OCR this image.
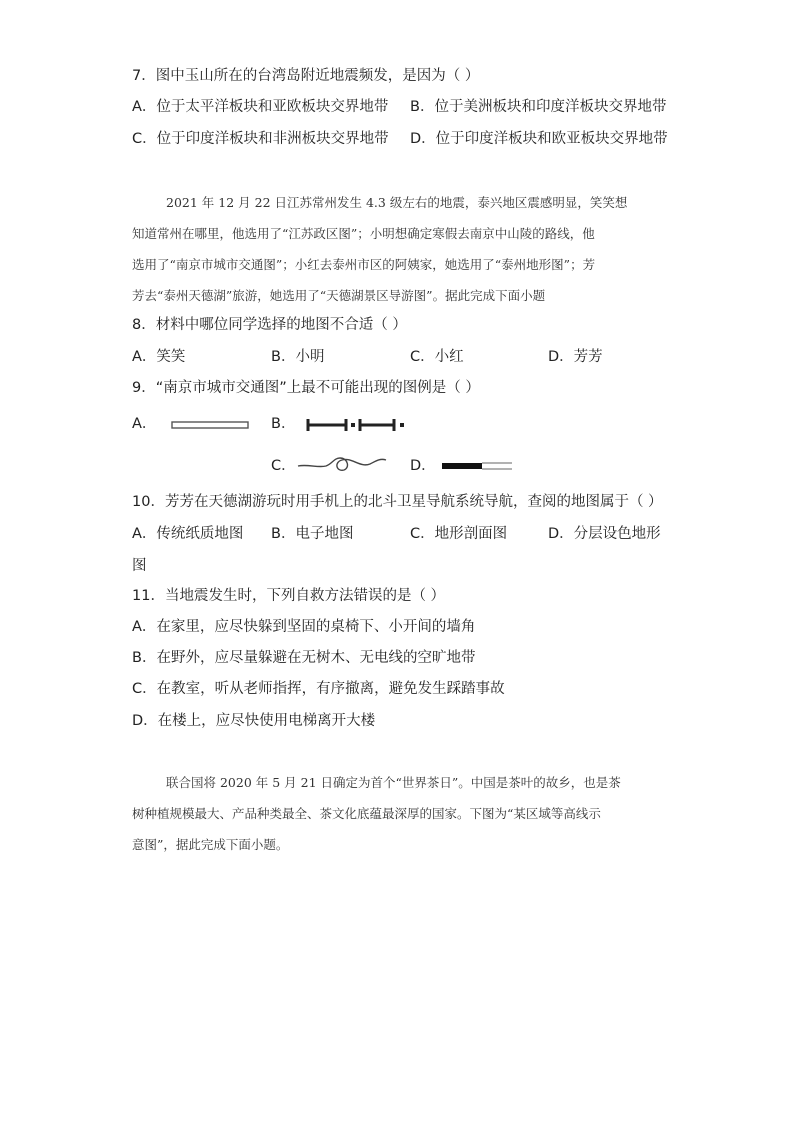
7．图中玉山所在的台湾岛附近地震频发，是因为（ ）
A．位于太平洋板块和亚欧板块交界地带 B．位于美洲板块和印度洋板块交界地带
C．位于印度洋板块和非洲板块交界地带 D．位于印度洋板块和欧亚板块交界地带

2021 年 12 月 22 日江苏常州发生 4.3 级左右的地震，泰兴地区震感明显，笑笑想

知道常州在哪里，他选用了“江苏政区图”；小明想确定寒假去南京中山陵的路线，他

选用了“南京市城市交通图”；小红去泰州市区的阿姨家，她选用了“泰州地形图”；芳

芳去“泰州天德湖”旅游，她选用了“天德湖景区导游图”。据此完成下面小题

8．材料中哪位同学选择的地图不合适（ ）
A．笑笑	B．小明	C．小红	D．芳芳
9．“南京市城市交通图”上最不可能出现的图例是（ ）
A．	B．
C．	D．
10．芳芳在天德湖游玩时用手机上的北斗卫星导航系统导航，查阅的地图属于（ ）
A．传统纸质地图 B．电子地图	C．地形剖面图	D．分层设色地形
图
11．当地震发生时，下列自救方法错误的是（ ）
A．在家里，应尽快躲到坚固的桌椅下、小开间的墙角
B．在野外，应尽量躲避在无树木、无电线的空旷地带
C．在教室，听从老师指挥，有序撤离，避免发生踩踏事故
D．在楼上，应尽快使用电梯离开大楼

联合国将 2020 年 5 月 21 日确定为首个“世界茶日”。中国是茶叶的故乡，也是茶

树种植规模最大、产品种类最全、茶文化底蕴最深厚的国家。下图为“某区域等高线示

意图”，据此完成下面小题。
